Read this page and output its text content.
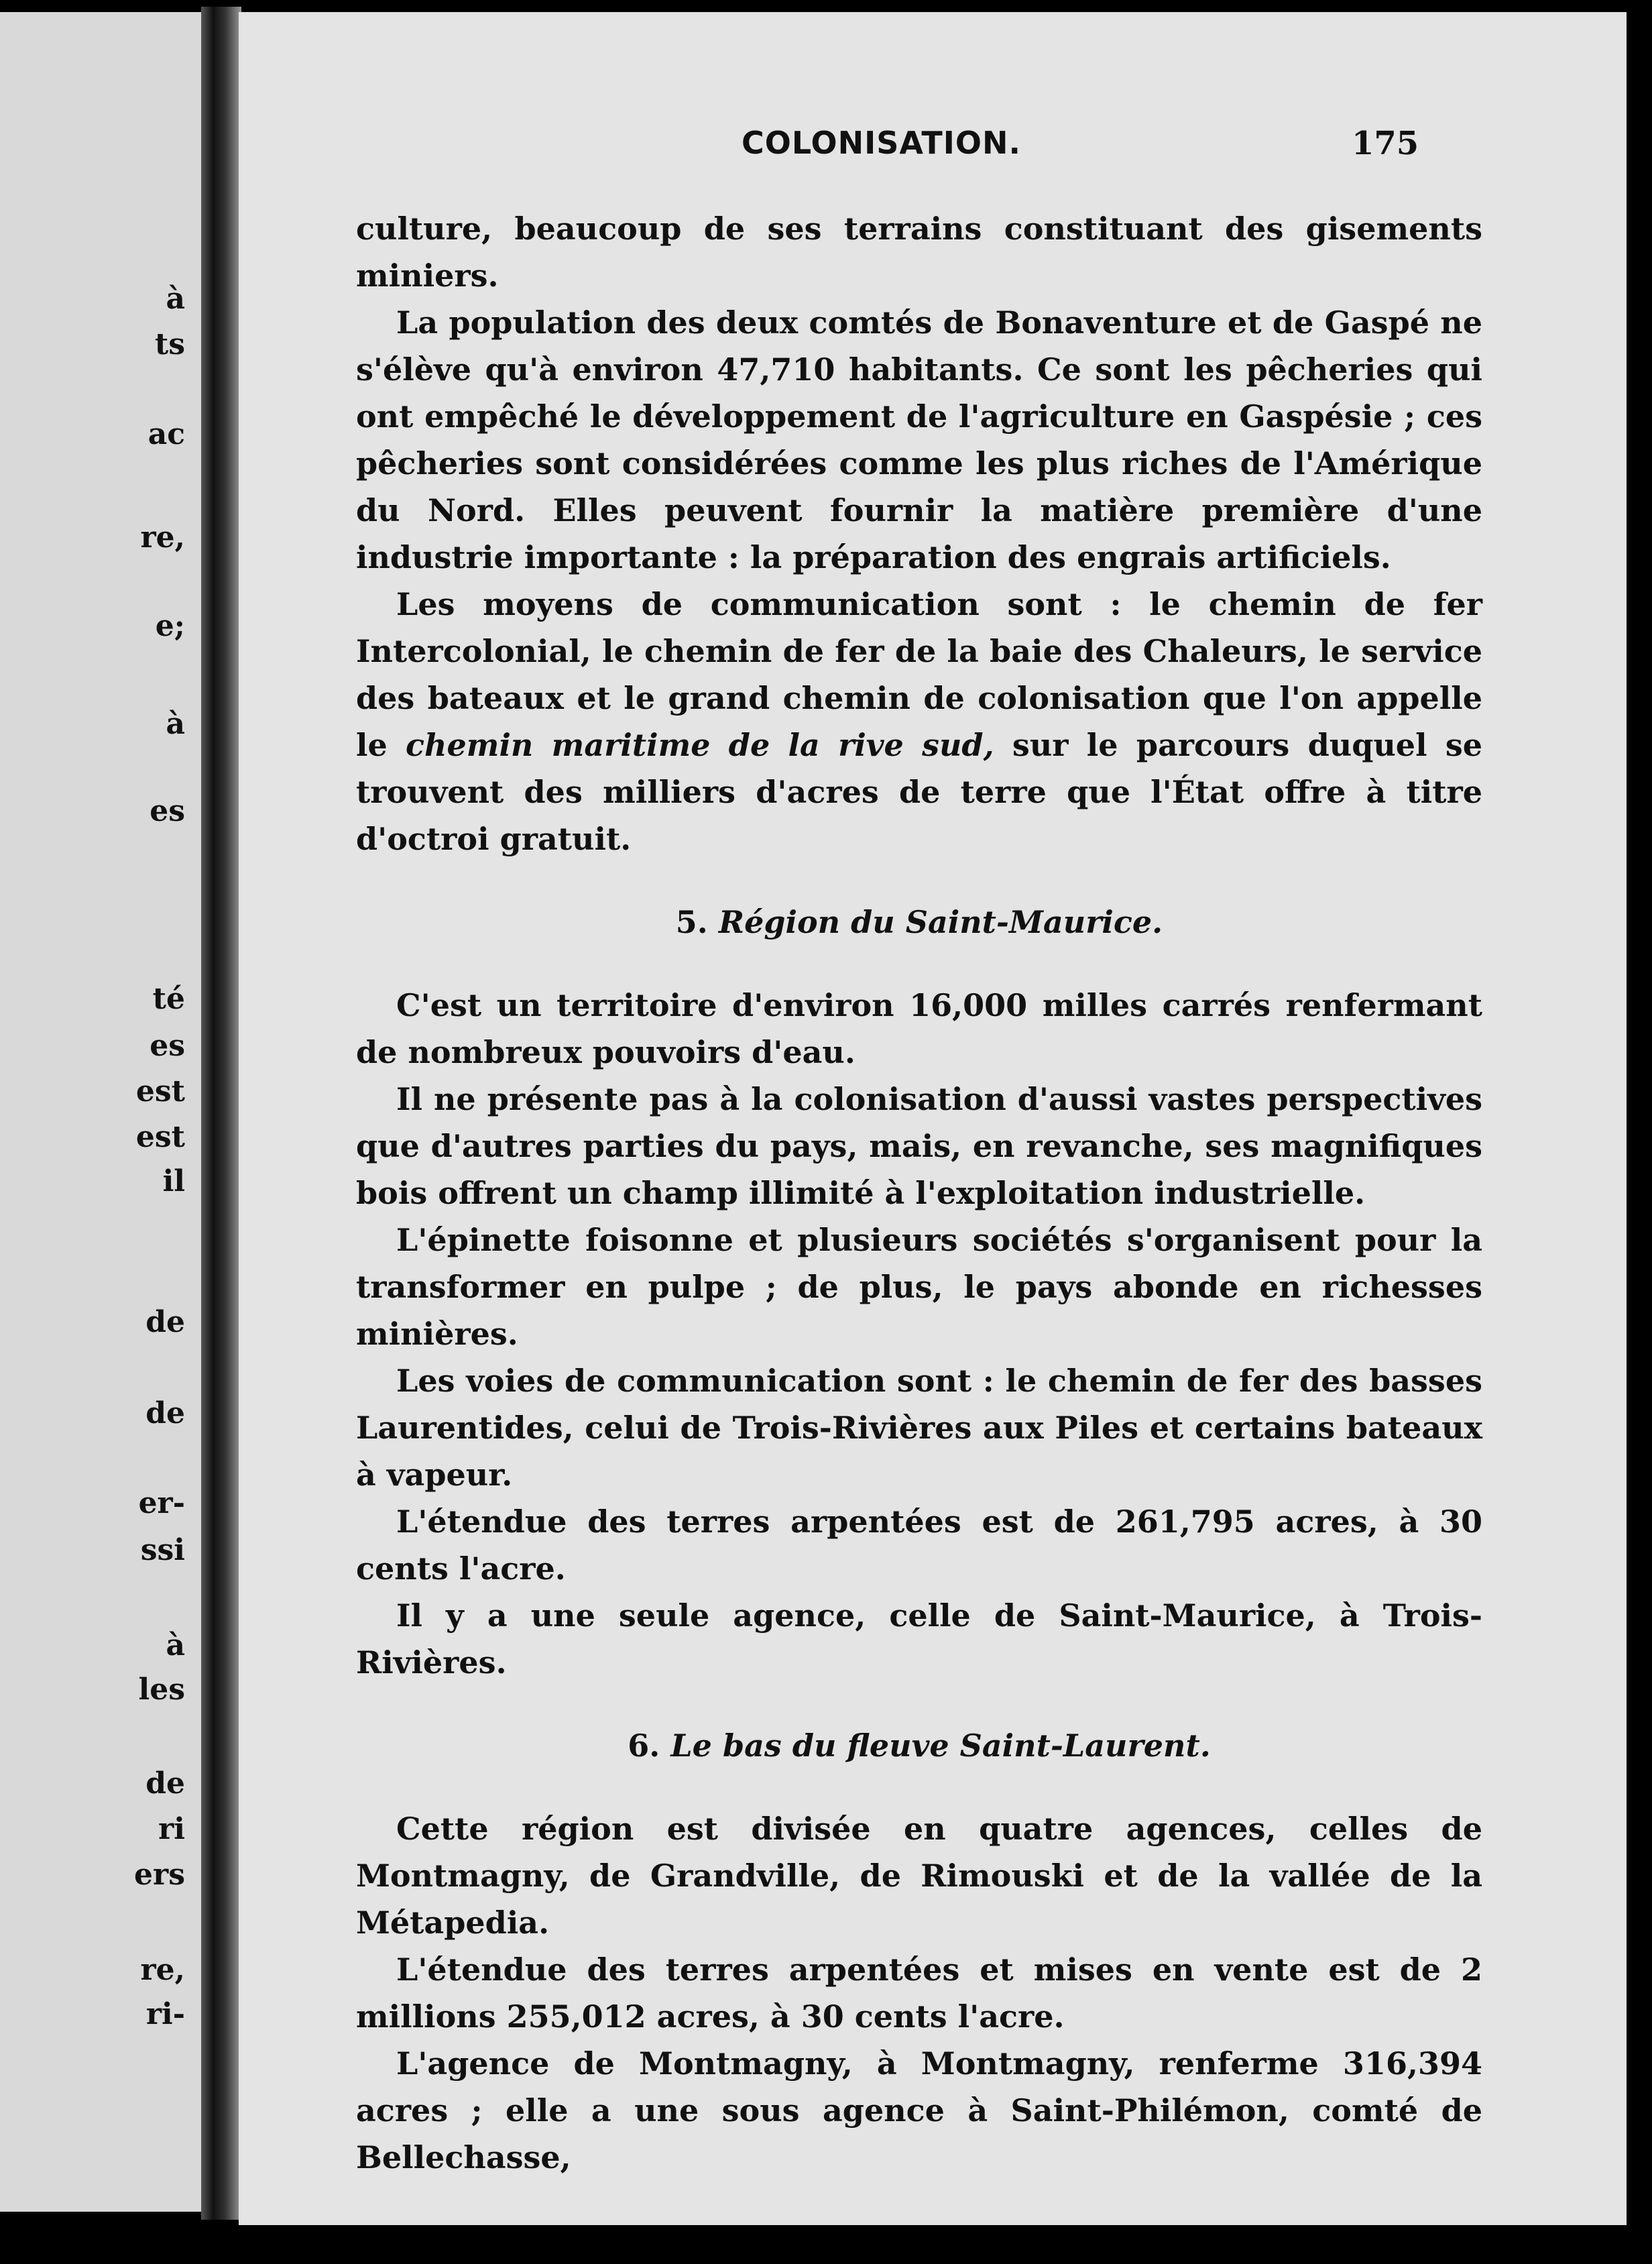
à
ts
ac
re,
e;
à
es
té
es
est
est
il
de
de
er-
ssi
à
les
de
ri
ers
re,
ri-
COLONISATION.	175

culture, beaucoup de ses terrains constituant des gisements miniers.

La population des deux comtés de Bonaventure et de Gaspé ne s'élève qu'à environ 47,710 habitants. Ce sont les pêcheries qui ont empêché le développement de l'agriculture en Gaspésie ; ces pêcheries sont considérées comme les plus riches de l'Amérique du Nord. Elles peuvent fournir la matière première d'une industrie importante : la préparation des engrais artificiels.

Les moyens de communication sont : le chemin de fer Intercolonial, le chemin de fer de la baie des Chaleurs, le service des bateaux et le grand chemin de colonisation que l'on appelle le chemin maritime de la rive sud, sur le parcours duquel se trouvent des milliers d'acres de terre que l'État offre à titre d'octroi gratuit.

5. Région du Saint-Maurice.

C'est un territoire d'environ 16,000 milles carrés renfermant de nombreux pouvoirs d'eau.

Il ne présente pas à la colonisation d'aussi vastes perspectives que d'autres parties du pays, mais, en revanche, ses magnifiques bois offrent un champ illimité à l'exploitation industrielle.

L'épinette foisonne et plusieurs sociétés s'organisent pour la transformer en pulpe ; de plus, le pays abonde en richesses minières.

Les voies de communication sont : le chemin de fer des basses Laurentides, celui de Trois-Rivières aux Piles et certains bateaux à vapeur.

L'étendue des terres arpentées est de 261,795 acres, à 30 cents l'acre.

Il y a une seule agence, celle de Saint-Maurice, à Trois-Rivières.

6. Le bas du fleuve Saint-Laurent.

Cette région est divisée en quatre agences, celles de Montmagny, de Grandville, de Rimouski et de la vallée de la Métapedia.

L'étendue des terres arpentées et mises en vente est de 2 millions 255,012 acres, à 30 cents l'acre.

L'agence de Montmagny, à Montmagny, renferme 316,394 acres ; elle a une sous agence à Saint-Philémon, comté de Bellechasse,
